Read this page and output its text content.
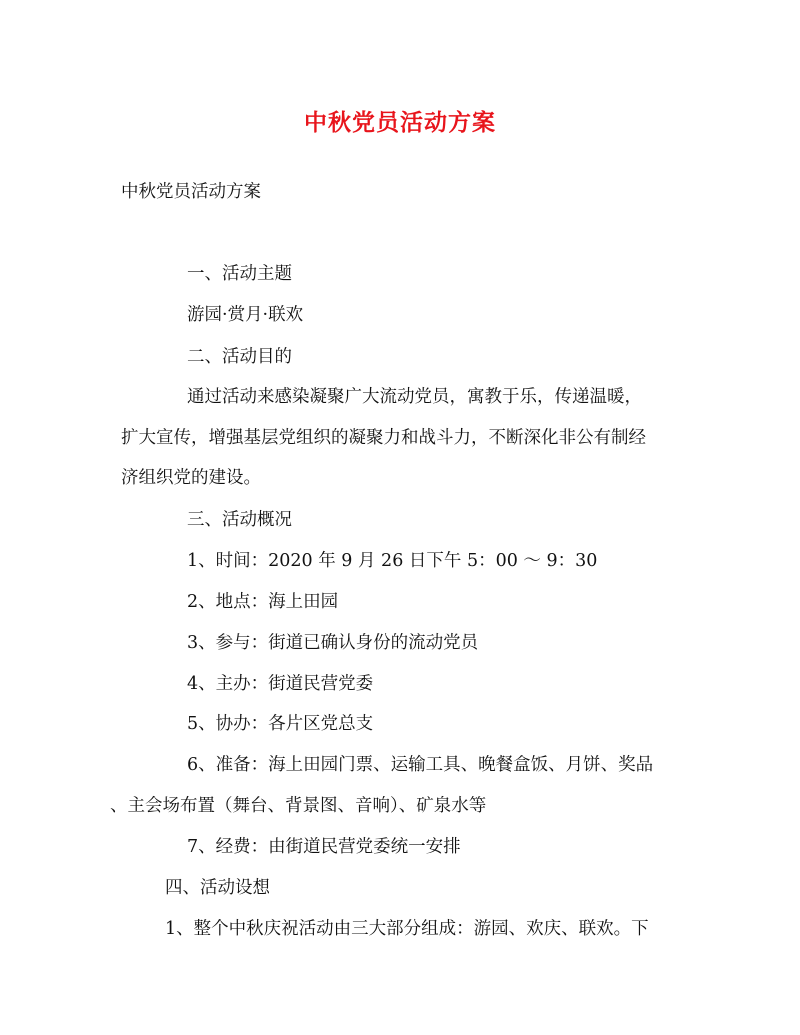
中秋党员活动方案

中秋党员活动方案

一、活动主题

游园·赏月·联欢

二、活动目的

通过活动来感染凝聚广大流动党员，寓教于乐，传递温暖，

扩大宣传，增强基层党组织的凝聚力和战斗力，不断深化非公有制经

济组织党的建设。

三、活动概况

1、时间：2020 年 9 月 26 日下午 5：00 ～ 9：30

2、地点：海上田园

3、参与：街道已确认身份的流动党员

4、主办：街道民营党委

5、协办：各片区党总支

6、准备：海上田园门票、运输工具、晚餐盒饭、月饼、奖品

、主会场布置（舞台、背景图、音响）、矿泉水等

7、经费：由街道民营党委统一安排

四、活动设想

1、整个中秋庆祝活动由三大部分组成：游园、欢庆、联欢。下
